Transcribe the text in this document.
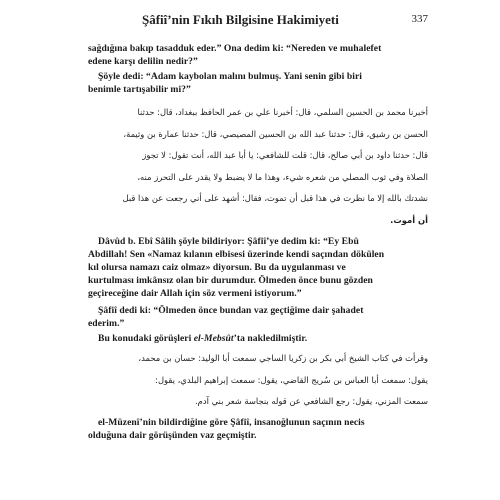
Şâfiî’nin Fıkıh Bilgisine Hakimiyeti	337

sağdığına bakıp tasadduk eder.” Ona dedim ki: “Nereden ve muhalefet

edene karşı delilin nedir?”

Şöyle dedi: “Adam kaybolan malını bulmuş. Yani senin gibi biri

benimle tartışabilir mi?”

أخبرنا محمد بن الحسين السلمي، قال: أخبرنا علي بن عمر الحافظ ببغداد، قال: حدثنا

الحسن بن رشيق، قال: حدثنا عبد الله بن الحسين المصيصي، قال: حدثنا عمارة بن وثيمة،

قال: حدثنا داود بن أبي صالح، قال: قلت للشافعي: يا أبا عبد الله، أنت تقول: لا تجوز

الصلاة وفي ثوب المصلي من شعره شيء، وهذا ما لا يضبط ولا يقدر على التحرز منه،

نشدتك بالله إلا ما نظرت في هذا قبل أن تموت، فقال: أشهد على أني رجعت عن هذا قبل

أن أموت.

Dâvûd b. Ebî Sâlih şöyle bildiriyor: Şâfiî’ye dedim ki: “Ey Ebû

Abdillah! Sen «Namaz kılanın elbisesi üzerinde kendi saçından dökülen

kıl olursa namazı caiz olmaz» diyorsun. Bu da uygulanması ve

kurtulması imkânsız olan bir durumdur. Ölmeden önce bunu gözden

geçireceğine dair Allah için söz vermeni istiyorum.”

Şâfiî dedi ki: “Ölmeden önce bundan vaz geçtiğime dair şahadet

ederim.”

Bu konudaki görüşleri el-Mebsût’ta nakledilmiştir.

وقرأت في كتاب الشيخ أبي بكر بن زكريا الساجي سمعت أبا الوليد: حسان بن محمد،

يقول: سمعت أبا العباس بن سُريج القاضي، يقول: سمعت إبراهيم البلدي، يقول:

سمعت المزني، يقول: رجع الشافعي عن قوله بنجاسة شعر بني آدم.

el-Müzenî’nin bildirdiğine göre Şâfiî, insanoğlunun saçının necis

olduğuna dair görüşünden vaz geçmiştir.
